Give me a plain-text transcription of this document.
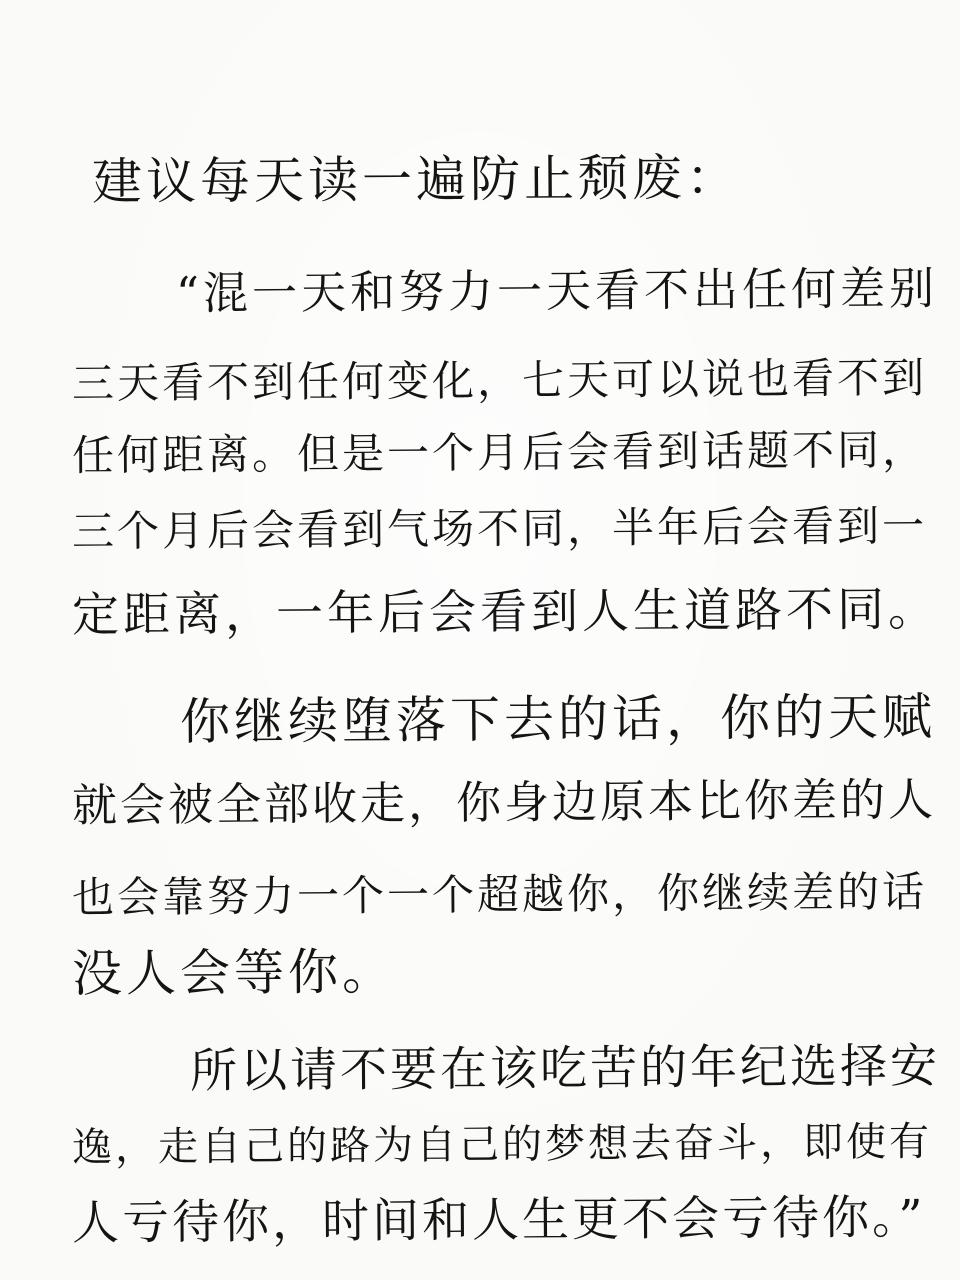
建议每天读一遍防止颓废：
“混一天和努力一天看不出任何差别
三天看不到任何变化，七天可以说也看不到
任何距离。但是一个月后会看到话题不同，
三个月后会看到气场不同，半年后会看到一
定距离，一年后会看到人生道路不同。
你继续堕落下去的话，你的天赋
就会被全部收走，你身边原本比你差的人
也会靠努力一个一个超越你，你继续差的话
没人会等你。
所以请不要在该吃苦的年纪选择安
逸，走自己的路为自己的梦想去奋斗，即使有
人亏待你，时间和人生更不会亏待你。”
